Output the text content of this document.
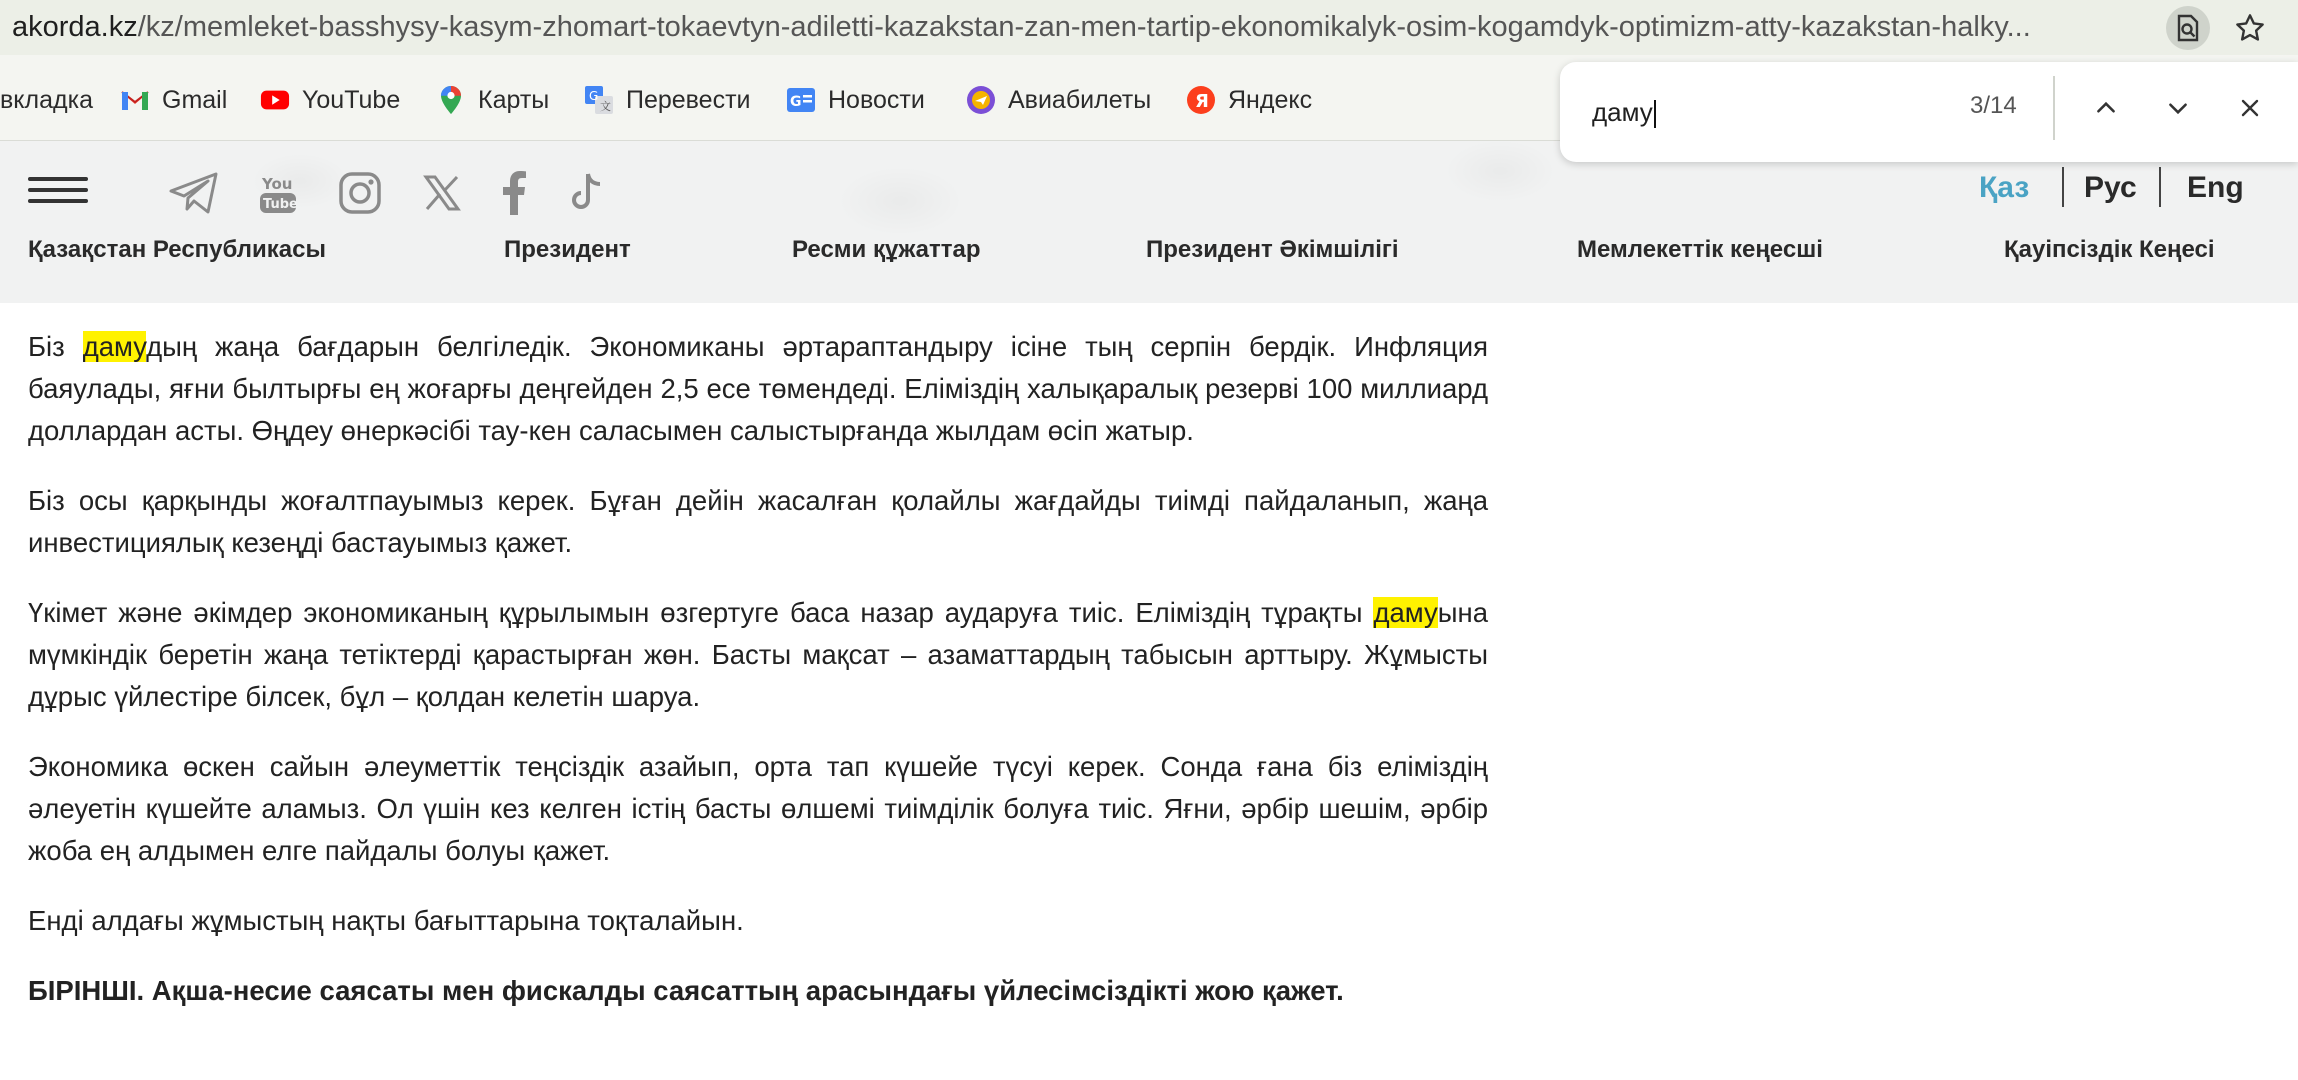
akorda.kz/kz/memleket-basshysy-kasym-zhomart-tokaevtyn-adiletti-kazakstan-zan-men-tartip-ekonomikalyk-osim-kogamdyk-optimizm-atty-kazakstan-halky...
вкладка	Gmail	YouTube	Карты	G
文 Перевести	G Новости	Авиабилеты Я Яндекс
You
Tube
Қаз Рус Eng
Қазақстан Республикасы	Президент	Ресми құжаттар	Президент Әкімшілігі	Мемлекеттік кеңесші	Қауіпсіздік Кеңесі
даму	3/14

Біз дамудың жаңа бағдарын белгіледік. Экономиканы әртараптандыру ісіне тың серпін бердік. Инфляция баяулады, яғни былтырғы ең жоғарғы деңгейден 2,5 есе төмендеді. Еліміздің халықаралық резерві 100 миллиард доллардан асты. Өңдеу өнеркәсібі тау-кен саласымен салыстырғанда жылдам өсіп жатыр.

Біз осы қарқынды жоғалтпауымыз керек. Бұған дейін жасалған қолайлы жағдайды тиімді пайдаланып, жаңа инвестициялық кезеңді бастауымыз қажет.

Үкімет және әкімдер экономиканың құрылымын өзгертуге баса назар аударуға тиіс. Еліміздің тұрақты дамуына мүмкіндік беретін жаңа тетіктерді қарастырған жөн. Басты мақсат – азаматтардың табысын арттыру. Жұмысты дұрыс үйлестіре білсек, бұл – қолдан келетін шаруа.

Экономика өскен сайын әлеуметтік теңсіздік азайып, орта тап күшейе түсуі керек. Сонда ғана біз еліміздің әлеуетін күшейте аламыз. Ол үшін кез келген істің басты өлшемі тиімділік болуға тиіс. Яғни, әрбір шешім, әрбір жоба ең алдымен елге пайдалы болуы қажет.

Енді алдағы жұмыстың нақты бағыттарына тоқталайын.

БІРІНШІ. Ақша-несие саясаты мен фискалды саясаттың арасындағы үйлесімсіздікті жою қажет.
